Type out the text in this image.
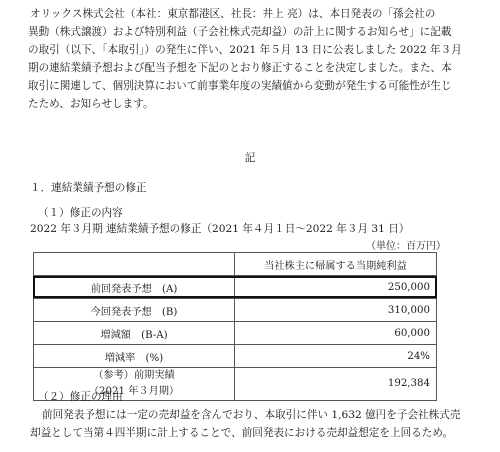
オリックス株式会社（本社：東京都港区、社長：井上 亮）は、本日発表の「孫会社の
異動（株式譲渡）および特別利益（子会社株式売却益）の計上に関するお知らせ」に記載
の取引（以下、「本取引」）の発生に伴い、2021 年５月 13 日に公表しました 2022 年３月
期の連結業績予想および配当予想を下記のとおり修正することを決定しました。また、本
取引に関連して、個別決算において前事業年度の実績値から変動が発生する可能性が生じ
たため、お知らせします。
記
１．連結業績予想の修正
（１）修正の内容
2022 年３月期 連結業績予想の修正（2021 年４月１日～2022 年３月 31 日）
（単位：百万円）
	当社株主に帰属する当期純利益
前回発表予想　(A)	250,000
今回発表予想　(B)	310,000
増減額　(B-A)	60,000
増減率　(%)	24%

（参考）前期実績
（2021 年３月期）	192,384
（２）修正の理由
前回発表予想には一定の売却益を含んでおり、本取引に伴い 1,632 億円を子会社株式売
却益として当第４四半期に計上することで、前回発表における売却益想定を上回るため。
